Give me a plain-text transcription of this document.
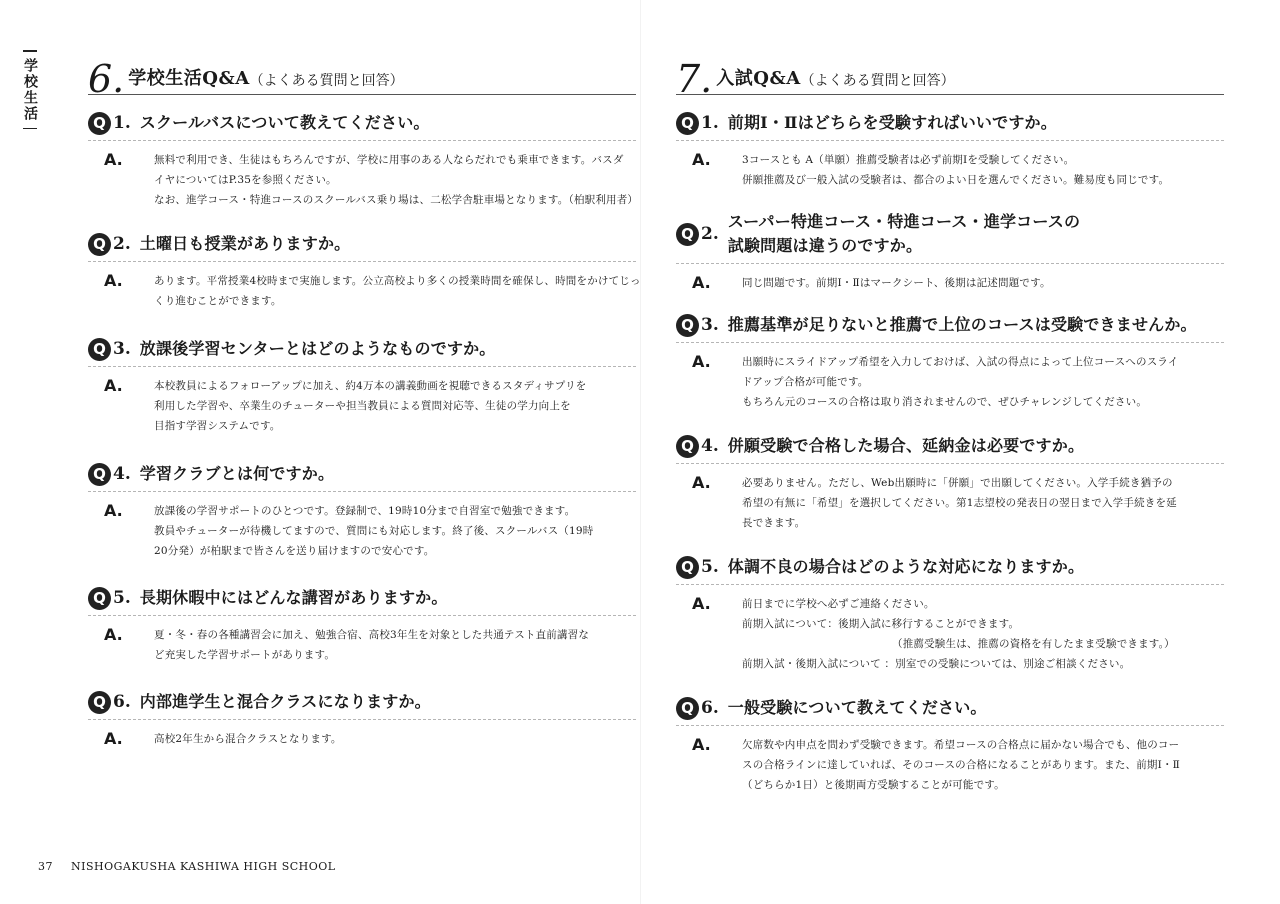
学校生活 6. 学校生活Q&A （よくある質問と回答）
Q 1. スクールバスについて教えてください。
A.	無料で利用でき、生徒はもちろんですが、学校に用事のある人ならだれでも乗車できます。バスダ
イヤについてはP.35を参照ください。
なお、進学コース・特進コースのスクールバス乗り場は、二松学舎駐車場となります。（柏駅利用者）
Q 2. 土曜日も授業がありますか。
A.	あります。平常授業4校時まで実施します。公立高校より多くの授業時間を確保し、時間をかけてじっ
くり進むことができます。
Q 3. 放課後学習センターとはどのようなものですか。
A.	本校教員によるフォローアップに加え、約4万本の講義動画を視聴できるスタディサプリを
利用した学習や、卒業生のチューターや担当教員による質問対応等、生徒の学力向上を
目指す学習システムです。
Q 4. 学習クラブとは何ですか。
A.	放課後の学習サポートのひとつです。登録制で、19時10分まで自習室で勉強できます。
教員やチューターが待機してますので、質問にも対応します。終了後、スクールバス（19時
20分発）が柏駅まで皆さんを送り届けますので安心です。
Q 5. 長期休暇中にはどんな講習がありますか。
A.	夏・冬・春の各種講習会に加え、勉強合宿、高校3年生を対象とした共通テスト直前講習な
ど充実した学習サポートがあります。
Q 6. 内部進学生と混合クラスになりますか。
A.	高校2年生から混合クラスとなります。
7. 入試Q&A （よくある質問と回答）
Q 1. 前期Ⅰ・Ⅱはどちらを受験すればいいですか。
A.	3コースとも A（単願）推薦受験者は必ず前期Ⅰを受験してください。
併願推薦及び一般入試の受験者は、都合のよい日を選んでください。難易度も同じです。
Q 2.
スーパー特進コース・特進コース・進学コースの
試験問題は違うのですか。
A.	同じ問題です。前期Ⅰ・Ⅱはマークシート、後期は記述問題です。
Q 3. 推薦基準が足りないと推薦で上位のコースは受験できませんか。
A.	出願時にスライドアップ希望を入力しておけば、入試の得点によって上位コースへのスライ
ドアップ合格が可能です。
もちろん元のコースの合格は取り消されませんので、ぜひチャレンジしてください。
Q 4. 併願受験で合格した場合、延納金は必要ですか。
A.	必要ありません。ただし、Web出願時に「併願」で出願してください。入学手続き猶予の
希望の有無に「希望」を選択してください。第1志望校の発表日の翌日まで入学手続きを延
長できます。
Q 5. 体調不良の場合はどのような対応になりますか。
A.	前日までに学校へ必ずご連絡ください。
前期入試について：後期入試に移行することができます。
（推薦受験生は、推薦の資格を有したまま受験できます。）
前期入試・後期入試について ：別室での受験については、別途ご相談ください。
Q 6. 一般受験について教えてください。
A.	欠席数や内申点を問わず受験できます。希望コースの合格点に届かない場合でも、他のコー
スの合格ラインに達していれば、そのコースの合格になることがあります。また、前期Ⅰ・Ⅱ
（どちらか1日）と後期両方受験することが可能です。
37 NISHOGAKUSHA KASHIWA HIGH SCHOOL
